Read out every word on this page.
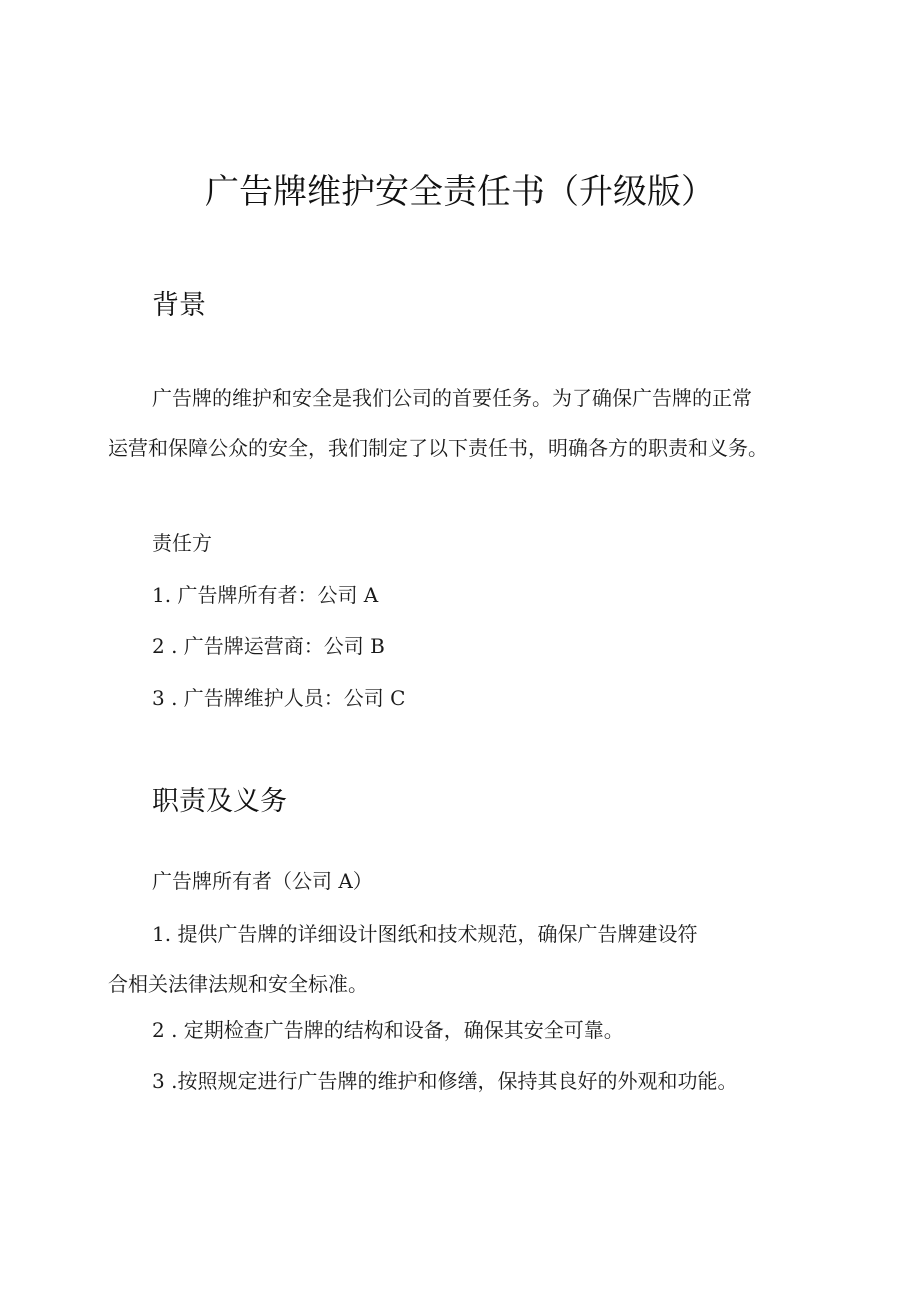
广告牌维护安全责任书（升级版）
背景
广告牌的维护和安全是我们公司的首要任务。为了确保广告牌的正常
运营和保障公众的安全，我们制定了以下责任书，明确各方的职责和义务。
责任方
1. 广告牌所有者：公司 A
2 . 广告牌运营商：公司 B
3 . 广告牌维护人员：公司 C
职责及义务
广告牌所有者（公司 A）
1. 提供广告牌的详细设计图纸和技术规范，确保广告牌建设符
合相关法律法规和安全标准。
2 . 定期检查广告牌的结构和设备，确保其安全可靠。
3 .按照规定进行广告牌的维护和修缮，保持其良好的外观和功能。
